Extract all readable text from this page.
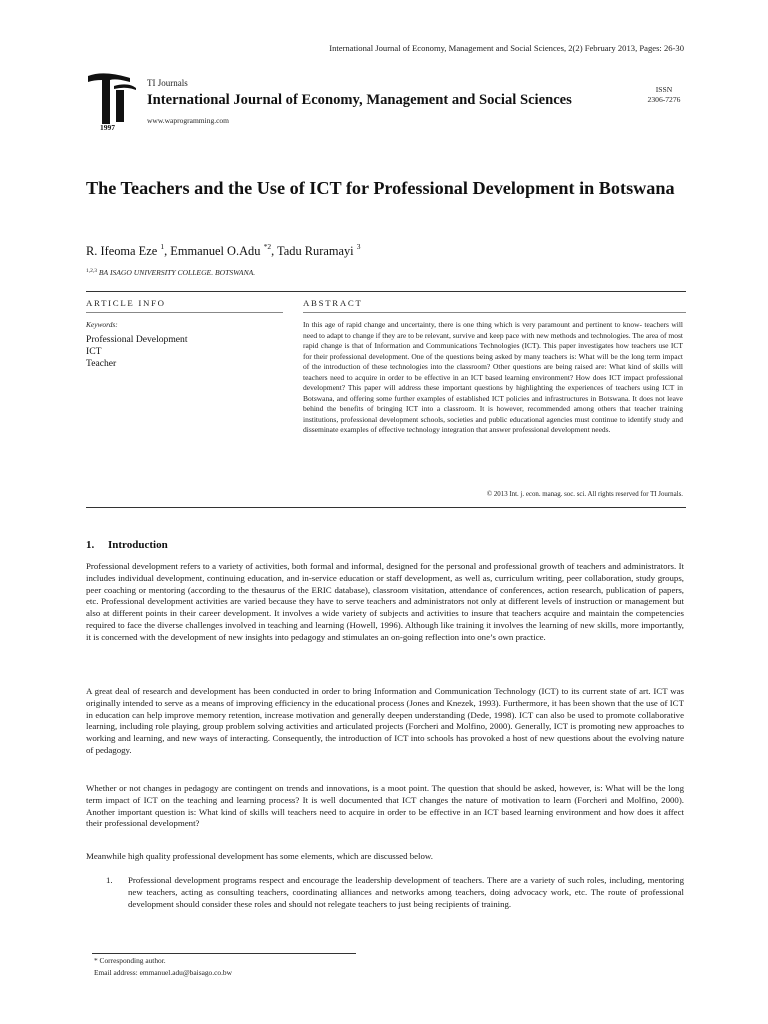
International Journal of Economy, Management and Social Sciences, 2(2) February 2013, Pages: 26-30
1997
TI Journals
International Journal of Economy, Management and Social Sciences
www.waprogramming.com
ISSN
2306-7276
The Teachers and the Use of ICT for Professional Development in Botswana
R. Ifeoma Eze $^1$, Emmanuel O.Adu $^{*2}$, Tadu Ruramayi $^3$
$^{1,2,3}$ BA ISAGO UNIVERSITY COLLEGE. BOTSWANA.
ARTICLE INFO	ABSTRACT
Keywords:
Professional Development
ICT
Teacher

In this age of rapid change and uncertainty, there is one thing which is very paramount and pertinent to know- teachers will need to adapt to change if they are to be relevant, survive and keep pace with new methods and technologies. The area of most rapid change is that of Information and Communications Technologies (ICT). This paper investigates how teachers use ICT for their professional development. One of the questions being asked by many teachers is: What will be the long term impact of the introduction of these technologies into the classroom? Other questions are being raised are: What kind of skills will teachers need to acquire in order to be effective in an ICT based learning environment? How does ICT impact professional development? This paper will address these important questions by highlighting the experiences of teachers using ICT in Botswana, and offering some further examples of established ICT policies and infrastructures in Botswana. It does not leave behind the benefits of bringing ICT into a classroom. It is however, recommended among others that teacher training institutions, professional development schools, societies and public educational agencies must continue to identify study and disseminate examples of effective technology integration that answer professional development needs.

© 2013 Int. j. econ. manag. soc. sci. All rights reserved for TI Journals.
1. Introduction

Professional development refers to a variety of activities, both formal and informal, designed for the personal and professional growth of teachers and administrators. It includes individual development, continuing education, and in-service education or staff development, as well as, curriculum writing, peer collaboration, study groups, peer coaching or mentoring (according to the thesaurus of the ERIC database), classroom visitation, attendance of conferences, action research, publication of papers, etc. Professional development activities are varied because they have to serve teachers and administrators not only at different levels of instruction or management but also at different points in their career development. It involves a wide variety of subjects and activities to insure that teachers acquire and maintain the competencies required to face the diverse challenges involved in teaching and learning (Howell, 1996). Although like training it involves the learning of new skills, more importantly, it is concerned with the development of new insights into pedagogy and stimulates an on-going reflection into one’s own practice.

A great deal of research and development has been conducted in order to bring Information and Communication Technology (ICT) to its current state of art. ICT was originally intended to serve as a means of improving efficiency in the educational process (Jones and Knezek, 1993). Furthermore, it has been shown that the use of ICT in education can help improve memory retention, increase motivation and generally deepen understanding (Dede, 1998). ICT can also be used to promote collaborative learning, including role playing, group problem solving activities and articulated projects (Forcheri and Molfino, 2000). Generally, ICT is promoting new approaches to working and learning, and new ways of interacting. Consequently, the introduction of ICT into schools has provoked a host of new questions about the evolving nature of pedagogy.

Whether or not changes in pedagogy are contingent on trends and innovations, is a moot point. The question that should be asked, however, is: What will be the long term impact of ICT on the teaching and learning process? It is well documented that ICT changes the nature of motivation to learn (Forcheri and Molfino, 2000). Another important question is: What kind of skills will teachers need to acquire in order to be effective in an ICT based learning environment and how does it affect their professional development?

Meanwhile high quality professional development has some elements, which are discussed below.

1. Professional development programs respect and encourage the leadership development of teachers. There are a variety of such roles, including, mentoring new teachers, acting as consulting teachers, coordinating alliances and networks among teachers, doing advocacy work, etc. The route of professional development should consider these roles and should not relegate teachers to just being recipients of training.
* Corresponding author.
Email address: emmanuel.adu@baisago.co.bw
